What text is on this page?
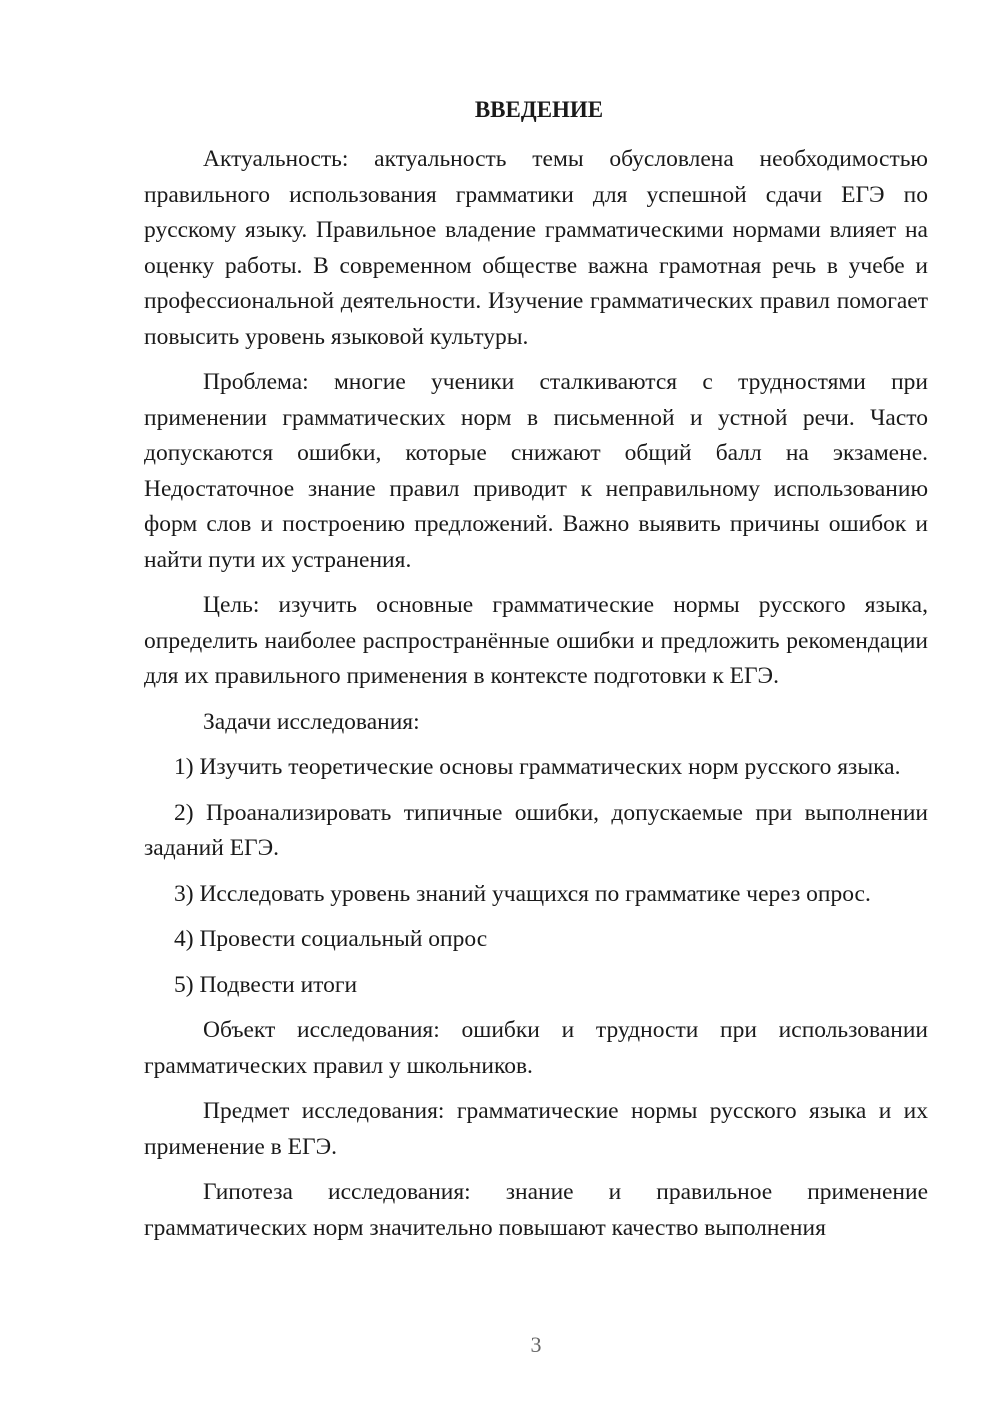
ВВЕДЕНИЕ

Актуальность: актуальность темы обусловлена необходимостью правильного использования грамматики для успешной сдачи ЕГЭ по русскому языку. Правильное владение грамматическими нормами влияет на оценку работы. В современном обществе важна грамотная речь в учебе и профессиональной деятельности. Изучение грамматических правил помогает повысить уровень языковой культуры.

Проблема: многие ученики сталкиваются с трудностями при применении грамматических норм в письменной и устной речи. Часто допускаются ошибки, которые снижают общий балл на экзамене. Недостаточное знание правил приводит к неправильному использованию форм слов и построению предложений. Важно выявить причины ошибок и найти пути их устранения.

Цель: изучить основные грамматические нормы русского языка, определить наиболее распространённые ошибки и предложить рекомендации для их правильного применения в контексте подготовки к ЕГЭ.

Задачи исследования:

1) Изучить теоретические основы грамматических норм русского языка.

2) Проанализировать типичные ошибки, допускаемые при выполнении заданий ЕГЭ.

3) Исследовать уровень знаний учащихся по грамматике через опрос.

4) Провести социальный опрос

5) Подвести итоги

Объект исследования: ошибки и трудности при использовании грамматических правил у школьников.

Предмет исследования: грамматические нормы русского языка и их применение в ЕГЭ.

Гипотеза исследования: знание и правильное применение грамматических норм значительно повышают качество выполнения

3
